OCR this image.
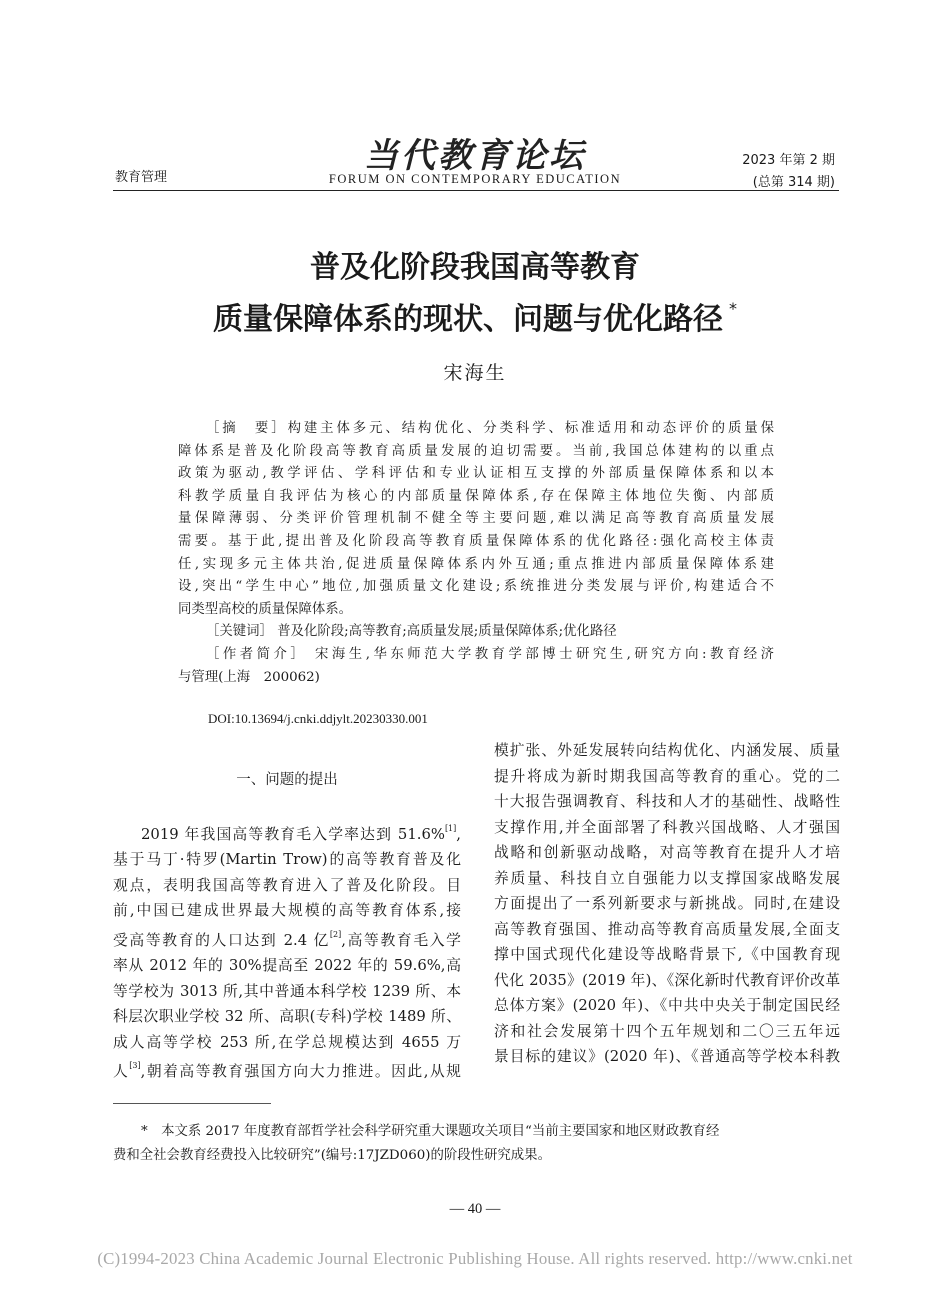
教育管理
当代教育论坛
FORUM ON CONTEMPORARY EDUCATION
2023 年第 2 期
(总第 314 期)
普及化阶段我国高等教育
质量保障体系的现状、问题与优化路径 *
宋海生

［摘　要］构建主体多元、结构优化、分类科学、标准适用和动态评价的质量保

障体系是普及化阶段高等教育高质量发展的迫切需要。当前,我国总体建构的以重点

政策为驱动,教学评估、学科评估和专业认证相互支撑的外部质量保障体系和以本

科教学质量自我评估为核心的内部质量保障体系,存在保障主体地位失衡、内部质

量保障薄弱、分类评价管理机制不健全等主要问题,难以满足高等教育高质量发展

需要。基于此,提出普及化阶段高等教育质量保障体系的优化路径:强化高校主体责

任,实现多元主体共治,促进质量保障体系内外互通;重点推进内部质量保障体系建

设,突出“学生中心”地位,加强质量文化建设;系统推进分类发展与评价,构建适合不

同类型高校的质量保障体系。

［关键词］ 普及化阶段;高等教育;高质量发展;质量保障体系;优化路径

［作者简介］ 宋海生,华东师范大学教育学部博士研究生,研究方向:教育经济

与管理(上海　200062)

DOI:10.13694/j.cnki.ddjylt.20230330.001
一、问题的提出

2019 年我国高等教育毛入学率达到 51.6%[1],

基于马丁·特罗(Martin Trow)的高等教育普及化

观点，表明我国高等教育进入了普及化阶段。目

前,中国已建成世界最大规模的高等教育体系,接

受高等教育的人口达到 2.4 亿[2],高等教育毛入学

率从 2012 年的 30%提高至 2022 年的 59.6%,高

等学校为 3013 所,其中普通本科学校 1239 所、本

科层次职业学校 32 所、高职(专科)学校 1489 所、

成人高等学校 253 所,在学总规模达到 4655 万

人[3],朝着高等教育强国方向大力推进。因此,从规

模扩张、外延发展转向结构优化、内涵发展、质量

提升将成为新时期我国高等教育的重心。党的二

十大报告强调教育、科技和人才的基础性、战略性

支撑作用,并全面部署了科教兴国战略、人才强国

战略和创新驱动战略，对高等教育在提升人才培

养质量、科技自立自强能力以支撑国家战略发展

方面提出了一系列新要求与新挑战。同时,在建设

高等教育强国、推动高等教育高质量发展,全面支

撑中国式现代化建设等战略背景下,《中国教育现

代化 2035》(2019 年)、《深化新时代教育评价改革

总体方案》(2020 年)、《中共中央关于制定国民经

济和社会发展第十四个五年规划和二〇三五年远

景目标的建议》(2020 年)、《普通高等学校本科教

*　本文系 2017 年度教育部哲学社会科学研究重大课题攻关项目“当前主要国家和地区财政教育经

费和全社会教育经费投入比较研究”(编号:17JZD060)的阶段性研究成果。

— 40 —
(C)1994-2023 China Academic Journal Electronic Publishing House. All rights reserved. http://www.cnki.net
